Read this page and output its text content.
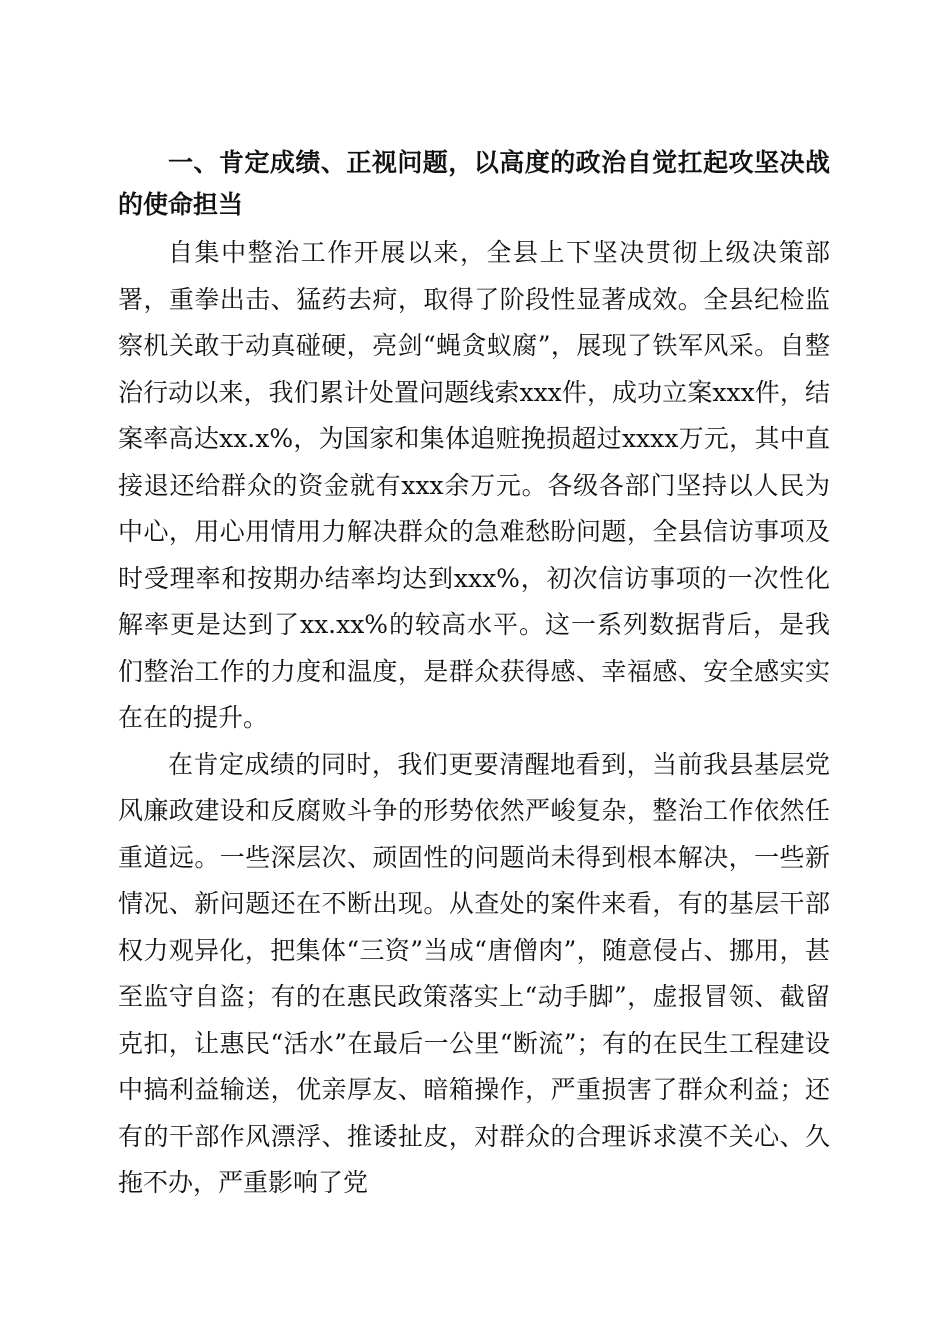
一、肯定成绩、正视问题，以高度的政治自觉扛起攻坚决战的使命担当

自集中整治工作开展以来，全县上下坚决贯彻上级决策部署，重拳出击、猛药去疴，取得了阶段性显著成效。全县纪检监察机关敢于动真碰硬，亮剑“蝇贪蚁腐”，展现了铁军风采。自整治行动以来，我们累计处置问题线索xxx件，成功立案xxx件，结案率高达xx.x%，为国家和集体追赃挽损超过xxxx万元，其中直接退还给群众的资金就有xxx余万元。各级各部门坚持以人民为中心，用心用情用力解决群众的急难愁盼问题，全县信访事项及时受理率和按期办结率均达到xxx%，初次信访事项的一次性化解率更是达到了xx.xx%的较高水平。这一系列数据背后，是我们整治工作的力度和温度，是群众获得感、幸福感、安全感实实在在的提升。

在肯定成绩的同时，我们更要清醒地看到，当前我县基层党风廉政建设和反腐败斗争的形势依然严峻复杂，整治工作依然任重道远。一些深层次、顽固性的问题尚未得到根本解决，一些新情况、新问题还在不断出现。从查处的案件来看，有的基层干部权力观异化，把集体“三资”当成“唐僧肉”，随意侵占、挪用，甚至监守自盗；有的在惠民政策落实上“动手脚”，虚报冒领、截留克扣，让惠民“活水”在最后一公里“断流”；有的在民生工程建设中搞利益输送，优亲厚友、暗箱操作，严重损害了群众利益；还有的干部作风漂浮、推诿扯皮，对群众的合理诉求漠不关心、久拖不办，严重影响了党
